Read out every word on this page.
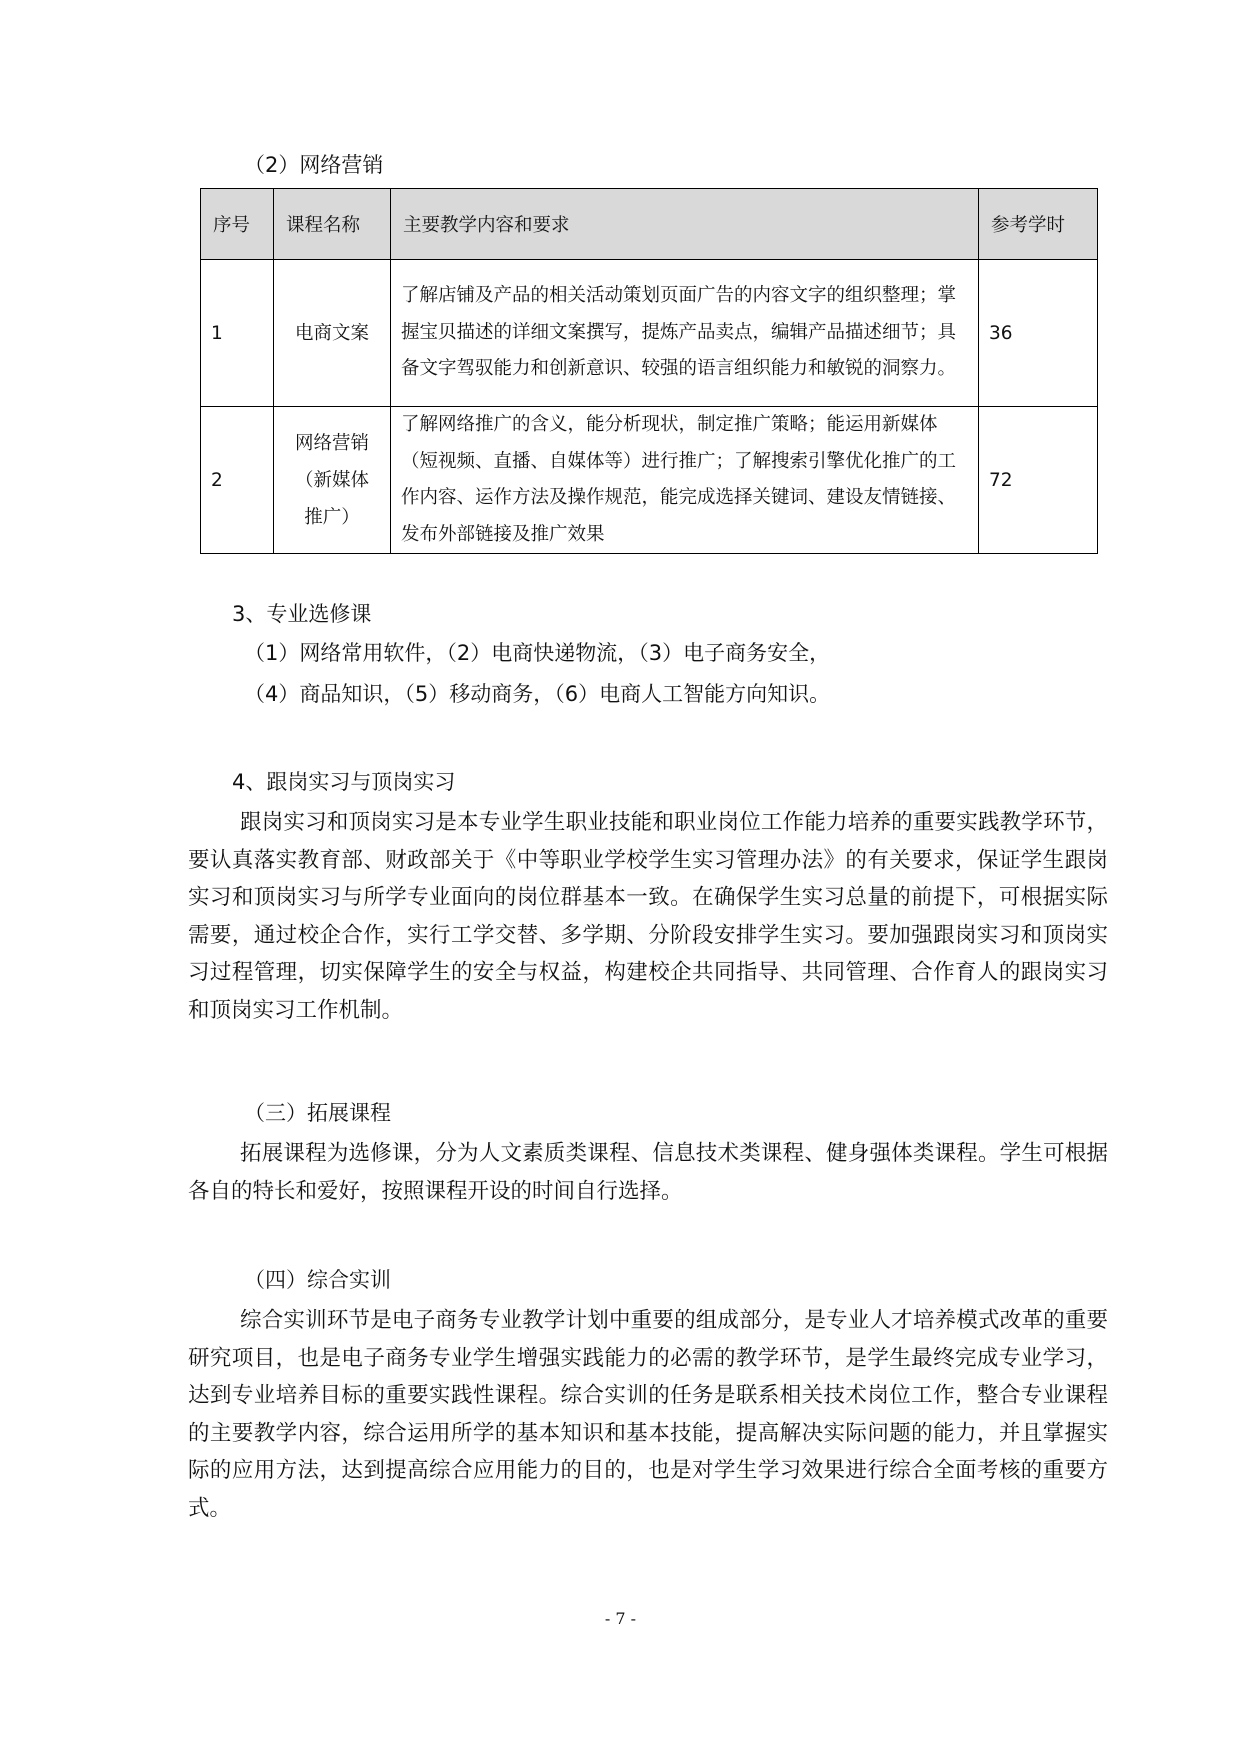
（2）网络营销
序号	课程名称	主要教学内容和要求	参考学时
1	电商文案	了解店铺及产品的相关活动策划页面广告的内容文字的组织整理；掌握宝贝描述的详细文案撰写，提炼产品卖点，编辑产品描述细节；具备文字驾驭能力和创新意识、较强的语言组织能力和敏锐的洞察力。	36
2	网络营销（新媒体推广）	了解网络推广的含义，能分析现状，制定推广策略；能运用新媒体（短视频、直播、自媒体等）进行推广；了解搜索引擎优化推广的工作内容、运作方法及操作规范，能完成选择关键词、建设友情链接、发布外部链接及推广效果	72
3、专业选修课
（1）网络常用软件，（2）电商快递物流，（3）电子商务安全，
（4）商品知识，（5）移动商务，（6）电商人工智能方向知识。
4、跟岗实习与顶岗实习

跟岗实习和顶岗实习是本专业学生职业技能和职业岗位工作能力培养的重要实践教学环节，要认真落实教育部、财政部关于《中等职业学校学生实习管理办法》的有关要求，保证学生跟岗实习和顶岗实习与所学专业面向的岗位群基本一致。在确保学生实习总量的前提下，可根据实际需要，通过校企合作，实行工学交替、多学期、分阶段安排学生实习。要加强跟岗实习和顶岗实习过程管理，切实保障学生的安全与权益，构建校企共同指导、共同管理、合作育人的跟岗实习和顶岗实习工作机制。

（三）拓展课程

拓展课程为选修课，分为人文素质类课程、信息技术类课程、健身强体类课程。学生可根据各自的特长和爱好，按照课程开设的时间自行选择。

（四）综合实训

综合实训环节是电子商务专业教学计划中重要的组成部分，是专业人才培养模式改革的重要研究项目，也是电子商务专业学生增强实践能力的必需的教学环节，是学生最终完成专业学习，达到专业培养目标的重要实践性课程。综合实训的任务是联系相关技术岗位工作，整合专业课程的主要教学内容，综合运用所学的基本知识和基本技能，提高解决实际问题的能力，并且掌握实际的应用方法，达到提高综合应用能力的目的，也是对学生学习效果进行综合全面考核的重要方式。

- 7 -
